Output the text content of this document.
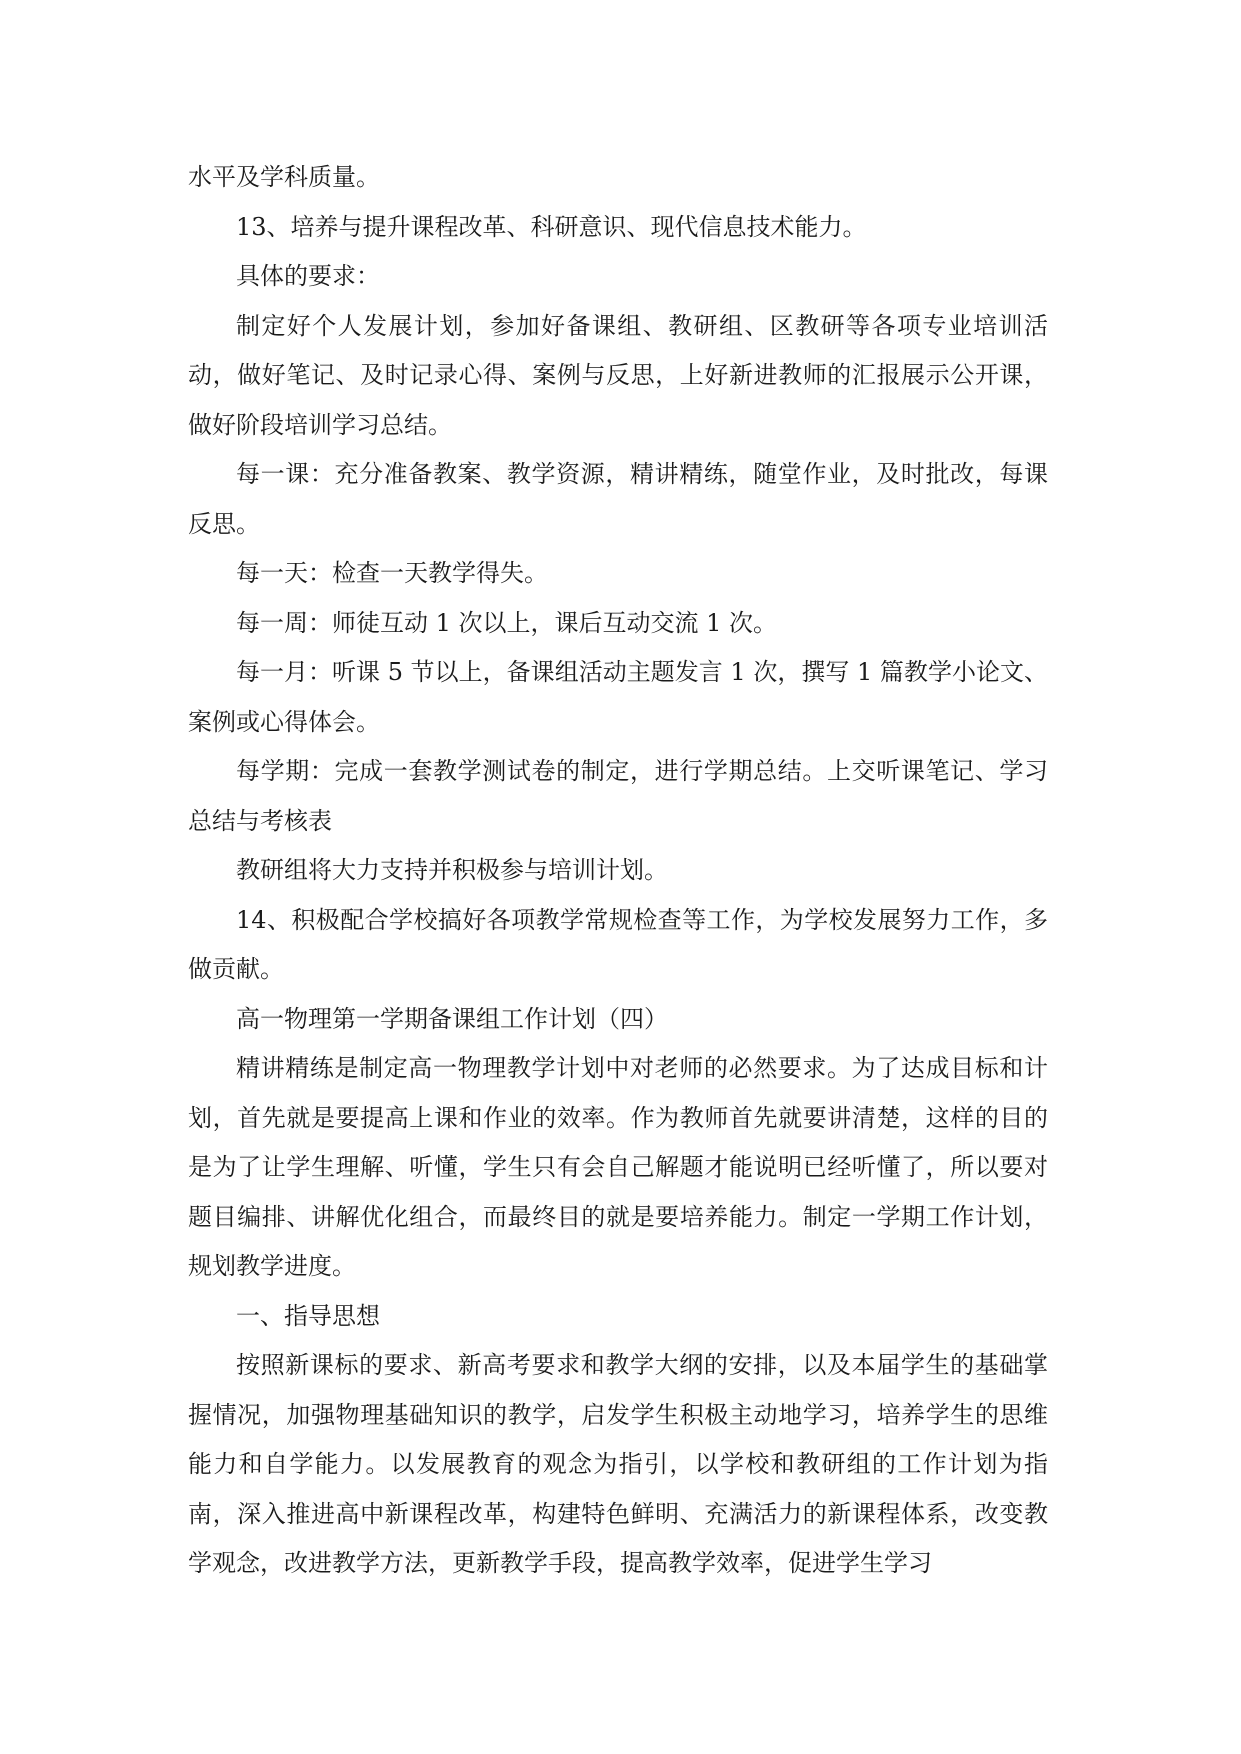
水平及学科质量。

13、培养与提升课程改革、科研意识、现代信息技术能力。

具体的要求：

制定好个人发展计划，参加好备课组、教研组、区教研等各项专业培训活动，做好笔记、及时记录心得、案例与反思，上好新进教师的汇报展示公开课，做好阶段培训学习总结。

每一课：充分准备教案、教学资源，精讲精练，随堂作业，及时批改，每课反思。

每一天：检查一天教学得失。

每一周：师徒互动 1 次以上，课后互动交流 1 次。

每一月：听课 5 节以上，备课组活动主题发言 1 次，撰写 1 篇教学小论文、案例或心得体会。

每学期：完成一套教学测试卷的制定，进行学期总结。上交听课笔记、学习总结与考核表

教研组将大力支持并积极参与培训计划。

14、积极配合学校搞好各项教学常规检查等工作，为学校发展努力工作，多做贡献。

高一物理第一学期备课组工作计划（四）

精讲精练是制定高一物理教学计划中对老师的必然要求。为了达成目标和计划，首先就是要提高上课和作业的效率。作为教师首先就要讲清楚，这样的目的是为了让学生理解、听懂，学生只有会自己解题才能说明已经听懂了，所以要对题目编排、讲解优化组合，而最终目的就是要培养能力。制定一学期工作计划，规划教学进度。

一、指导思想

按照新课标的要求、新高考要求和教学大纲的安排，以及本届学生的基础掌握情况，加强物理基础知识的教学，启发学生积极主动地学习，培养学生的思维能力和自学能力。以发展教育的观念为指引，以学校和教研组的工作计划为指南，深入推进高中新课程改革，构建特色鲜明、充满活力的新课程体系，改变教学观念，改进教学方法，更新教学手段，提高教学效率，促进学生学习
